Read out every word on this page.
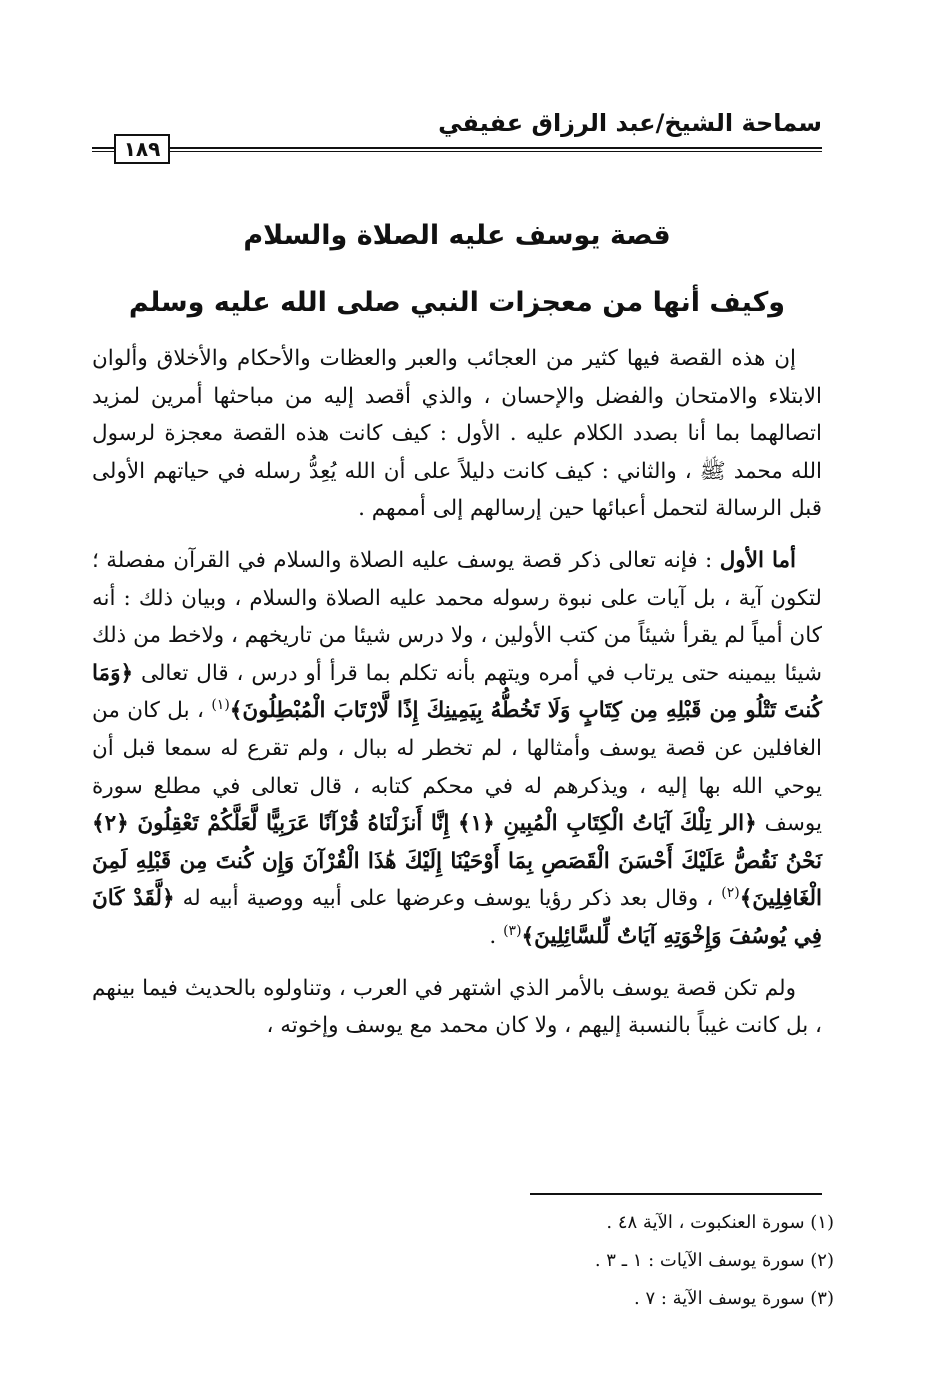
سماحة الشيخ/عبد الرزاق عفيفي
١٨٩
قصة يوسف عليه الصلاة والسلام
وكيف أنها من معجزات النبي صلى الله عليه وسلم

إن هذه القصة فيها كثير من العجائب والعبر والعظات والأحكام والأخلاق وألوان الابتلاء والامتحان والفضل والإحسان ، والذي أقصد إليه من مباحثها أمرين لمزيد اتصالهما بما أنا بصدد الكلام عليه . الأول : كيف كانت هذه القصة معجزة لرسول الله محمد ﷺ ، والثاني : كيف كانت دليلاً على أن الله يُعِدُّ رسله في حياتهم الأولى قبل الرسالة لتحمل أعبائها حين إرسالهم إلى أممهم .

أما الأول : فإنه تعالى ذكر قصة يوسف عليه الصلاة والسلام في القرآن مفصلة ؛ لتكون آية ، بل آيات على نبوة رسوله محمد عليه الصلاة والسلام ، وبيان ذلك : أنه كان أمياً لم يقرأ شيئاً من كتب الأولين ، ولا درس شيئا من تاريخهم ، ولاخط من ذلك شيئا بيمينه حتى يرتاب في أمره ويتهم بأنه تكلم بما قرأ أو درس ، قال تعالى ﴿وَمَا كُنتَ تَتْلُو مِن قَبْلِهِ مِن كِتَابٍ وَلَا تَخُطُّهُ بِيَمِينِكَ إِذًا لَّارْتَابَ الْمُبْطِلُونَ﴾$^{(١)}$ ، بل كان من الغافلين عن قصة يوسف وأمثالها ، لم تخطر له ببال ، ولم تقرع له سمعا قبل أن يوحي الله بها إليه ، ويذكرهم له في محكم كتابه ، قال تعالى في مطلع سورة يوسف ﴿الر تِلْكَ آيَاتُ الْكِتَابِ الْمُبِينِ ﴿١﴾ إِنَّا أَنزَلْنَاهُ قُرْآنًا عَرَبِيًّا لَّعَلَّكُمْ تَعْقِلُونَ ﴿٢﴾ نَحْنُ نَقُصُّ عَلَيْكَ أَحْسَنَ الْقَصَصِ بِمَا أَوْحَيْنَا إِلَيْكَ هَٰذَا الْقُرْآنَ وَإِن كُنتَ مِن قَبْلِهِ لَمِنَ الْغَافِلِينَ﴾$^{(٢)}$ ، وقال بعد ذكر رؤيا يوسف وعرضها على أبيه ووصية أبيه له ﴿لَّقَدْ كَانَ فِي يُوسُفَ وَإِخْوَتِهِ آيَاتٌ لِّلسَّائِلِينَ﴾$^{(٣)}$ .

ولم تكن قصة يوسف بالأمر الذي اشتهر في العرب ، وتناولوه بالحديث فيما بينهم ، بل كانت غيباً بالنسبة إليهم ، ولا كان محمد مع يوسف وإخوته ،

(١) سورة العنكبوت ، الآية ٤٨ .
(٢) سورة يوسف الآيات : ١ ـ ٣ .
(٣) سورة يوسف الآية : ٧ .
